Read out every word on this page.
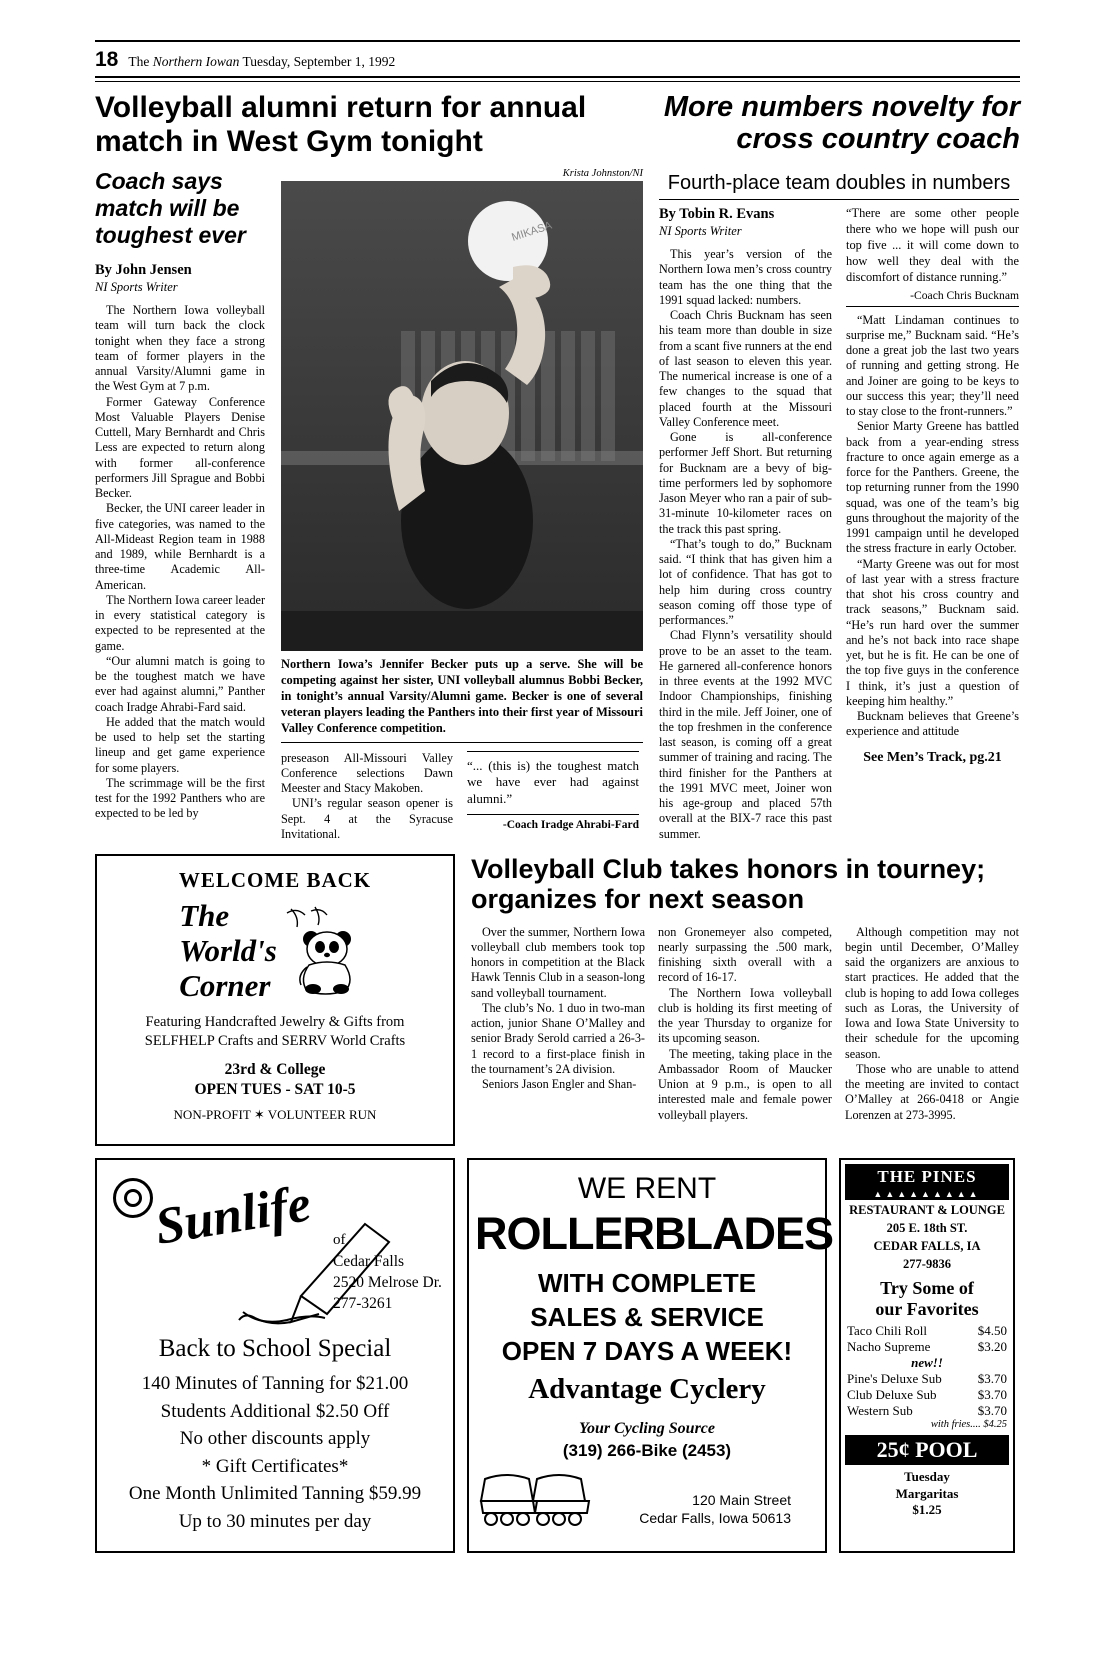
18 The Northern Iowan Tuesday, September 1, 1992
Volleyball alumni return for annual match in West Gym tonight
More numbers novelty for cross country coach
Coach says match will be toughest ever
By John Jensen
NI Sports Writer

The Northern Iowa volleyball team will turn back the clock tonight when they face a strong team of former players in the annual Varsity/Alumni game in the West Gym at 7 p.m.

Former Gateway Conference Most Valuable Players Denise Cuttell, Mary Bernhardt and Chris Less are expected to return along with former all-conference performers Jill Sprague and Bobbi Becker.

Becker, the UNI career leader in five categories, was named to the All-Mideast Region team in 1988 and 1989, while Bernhardt is a three-time Academic All-American.

The Northern Iowa career leader in every statistical category is expected to be represented at the game.

“Our alumni match is going to be the toughest match we have ever had against alumni,” Panther coach Iradge Ahrabi-Fard said.

He added that the match would be used to help set the starting lineup and get game experience for some players.

The scrimmage will be the first test for the 1992 Panthers who are expected to be led by

Krista Johnston/NI
MIKASA
Northern Iowa’s Jennifer Becker puts up a serve. She will be competing against her sister, UNI volleyball alumnus Bobbi Becker, in tonight’s annual Varsity/Alumni game. Becker is one of several veteran players leading the Panthers into their first year of Missouri Valley Conference competition.

preseason All-Missouri Valley Conference selections Dawn Meester and Stacy Makoben.

UNI’s regular season opener is Sept. 4 at the Syracuse Invitational.

“... (this is) the toughest match we have ever had against alumni.”
-Coach Iradge Ahrabi-Fard
Fourth-place team doubles in numbers
By Tobin R. Evans
NI Sports Writer

This year’s version of the Northern Iowa men’s cross country team has the one thing that the 1991 squad lacked: numbers.

Coach Chris Bucknam has seen his team more than double in size from a scant five runners at the end of last season to eleven this year. The numerical increase is one of a few changes to the squad that placed fourth at the Missouri Valley Conference meet.

Gone is all-conference performer Jeff Short. But returning for Bucknam are a bevy of big-time performers led by sophomore Jason Meyer who ran a pair of sub-31-minute 10-kilometer races on the track this past spring.

“That’s tough to do,” Bucknam said. “I think that has given him a lot of confidence. That has got to help him during cross country season coming off those type of performances.”

Chad Flynn’s versatility should prove to be an asset to the team. He garnered all-conference honors in three events at the 1992 MVC Indoor Championships, finishing third in the mile. Jeff Joiner, one of the top freshmen in the conference last season, is coming off a great summer of training and racing. The third finisher for the Panthers at the 1991 MVC meet, Joiner won his age-group and placed 57th overall at the BIX-7 race this past summer.

“There are some other people there who we hope will push our top five ... it will come down to how well they deal with the discomfort of distance running.”
-Coach Chris Bucknam

“Matt Lindaman continues to surprise me,” Bucknam said. “He’s done a great job the last two years of running and getting strong. He and Joiner are going to be keys to our success this year; they’ll need to stay close to the front-runners.”

Senior Marty Greene has battled back from a year-ending stress fracture to once again emerge as a force for the Panthers. Greene, the top returning runner from the 1990 squad, was one of the team’s big guns throughout the majority of the 1991 campaign until he developed the stress fracture in early October.

“Marty Greene was out for most of last year with a stress fracture that shot his cross country and track seasons,” Bucknam said. “He’s run hard over the summer and he’s not back into race shape yet, but he is fit. He can be one of the top five guys in the conference I think, it’s just a question of keeping him healthy.”

Bucknam believes that Greene’s experience and attitude

See Men’s Track, pg.21
WELCOME BACK
The
World's
Corner
Featuring Handcrafted Jewelry & Gifts from
SELFHELP Crafts and SERRV World Crafts
23rd & College
OPEN TUES - SAT 10-5
NON-PROFIT ✶ VOLUNTEER RUN
Volleyball Club takes honors in tourney; organizes for next season

Over the summer, Northern Iowa volleyball club members took top honors in competition at the Black Hawk Tennis Club in a season-long sand volleyball tournament.

The club’s No. 1 duo in two-man action, junior Shane O’Malley and senior Brady Serold carried a 26-3-1 record to a first-place finish in the tournament’s 2A division.

Seniors Jason Engler and Shan-

non Gronemeyer also competed, nearly surpassing the .500 mark, finishing sixth overall with a record of 16-17.

The Northern Iowa volleyball club is holding its first meeting of the year Thursday to organize for its upcoming season.

The meeting, taking place in the Ambassador Room of Maucker Union at 9 p.m., is open to all interested male and female power volleyball players.

Although competition may not begin until December, O’Malley said the organizers are anxious to start practices. He added that the club is hoping to add Iowa colleges such as Loras, the University of Iowa and Iowa State University to their schedule for the upcoming season.

Those who are unable to attend the meeting are invited to contact O’Malley at 266-0418 or Angie Lorenzen at 273-3995.

Sunlife of
Cedar Falls
2520 Melrose Dr.
277-3261
Back to School Special
140 Minutes of Tanning for $21.00
Students Additional $2.50 Off
No other discounts apply
* Gift Certificates*
One Month Unlimited Tanning $59.99
Up to 30 minutes per day
WE RENT
ROLLERBLADES
WITH COMPLETE
SALES & SERVICE
OPEN 7 DAYS A WEEK!
Advantage Cyclery
Your Cycling Source
(319) 266-Bike (2453)
120 Main Street
Cedar Falls, Iowa 50613
THE PINES
▲▲▲▲▲▲▲▲▲
RESTAURANT & LOUNGE
205 E. 18th ST.
CEDAR FALLS, IA
277-9836
Try Some of
our Favorites
Taco Chili Roll	$4.50
Nacho Supreme	$3.20
new!!
Pine's Deluxe Sub	$3.70
Club Deluxe Sub	$3.70
Western Sub	$3.70
with fries.... $4.25
25¢ POOL
Tuesday
Margaritas
$1.25
